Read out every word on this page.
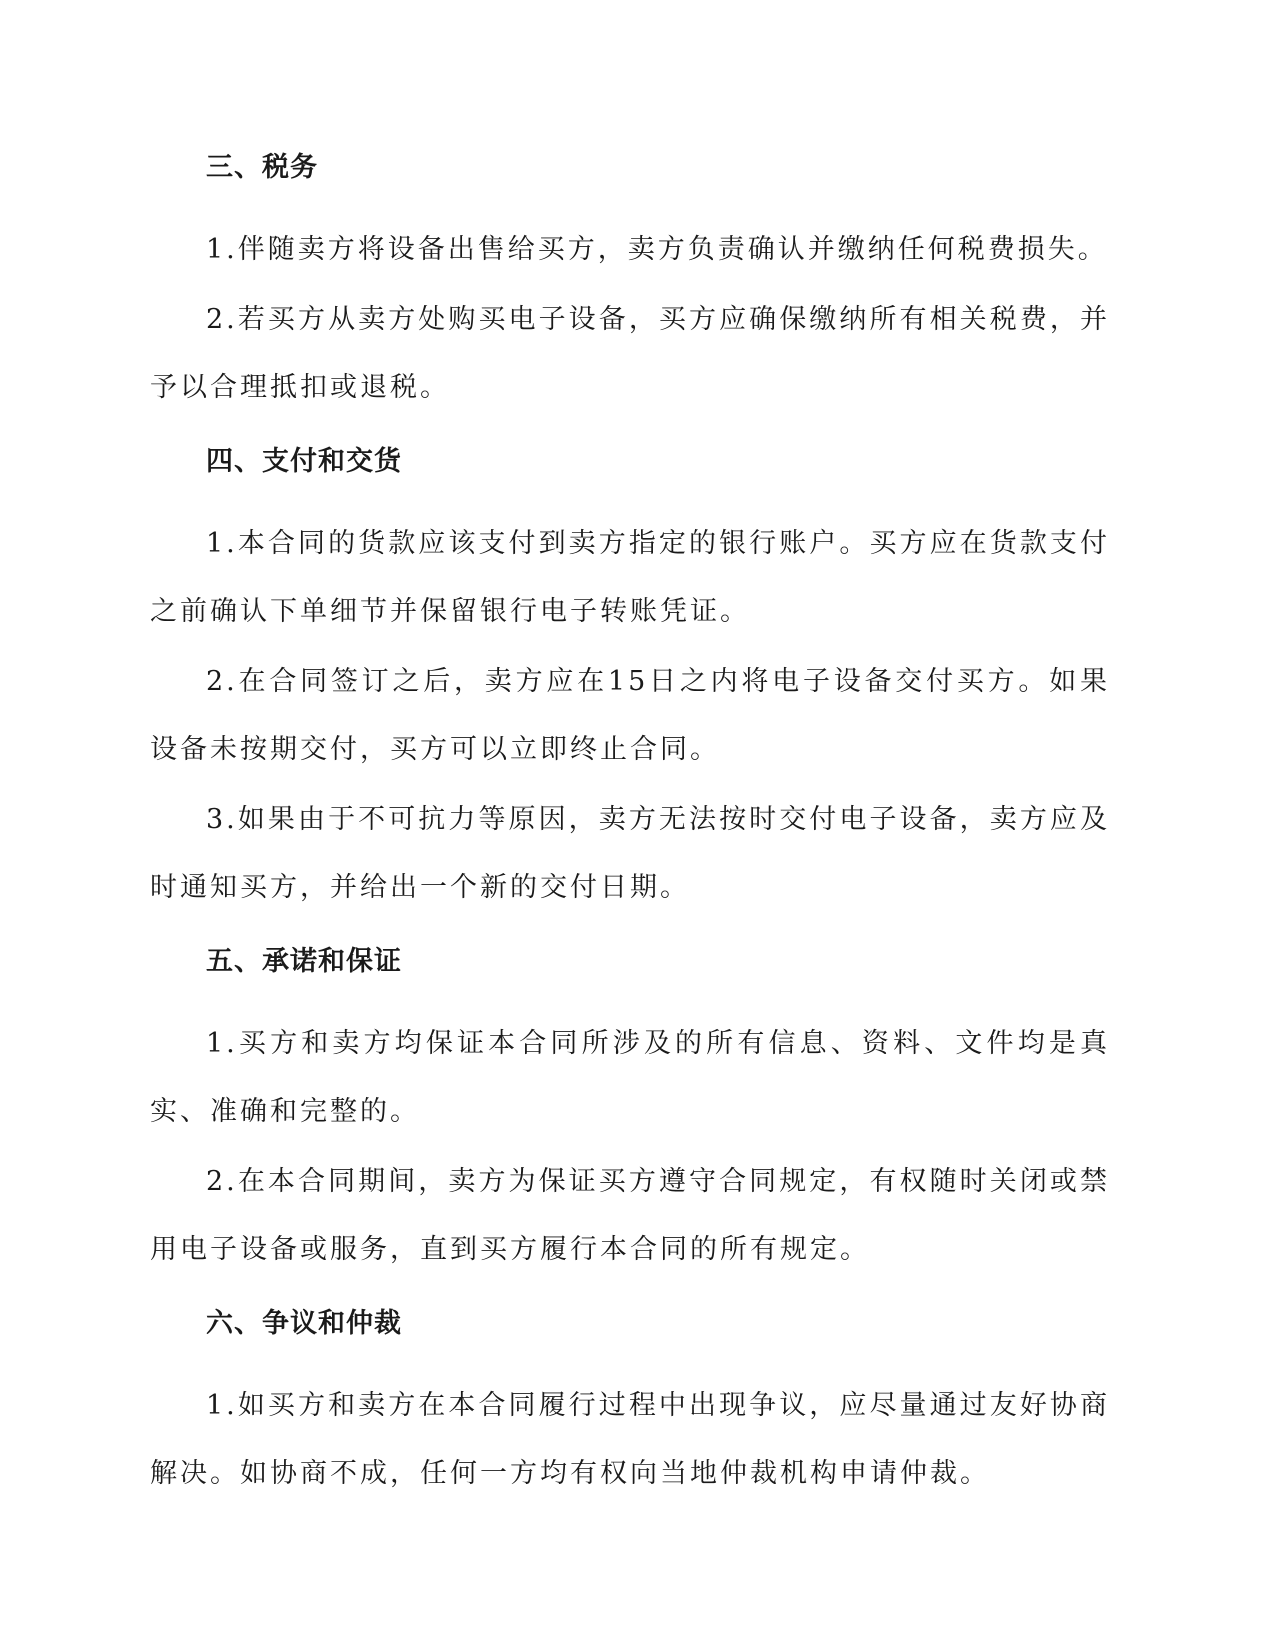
三、税务

1.伴随卖方将设备出售给买方，卖方负责确认并缴纳任何税费损失。

2.若买方从卖方处购买电子设备，买方应确保缴纳所有相关税费，并予以合理抵扣或退税。

四、支付和交货

1.本合同的货款应该支付到卖方指定的银行账户。买方应在货款支付之前确认下单细节并保留银行电子转账凭证。

2.在合同签订之后，卖方应在15日之内将电子设备交付买方。如果设备未按期交付，买方可以立即终止合同。

3.如果由于不可抗力等原因，卖方无法按时交付电子设备，卖方应及时通知买方，并给出一个新的交付日期。

五、承诺和保证

1.买方和卖方均保证本合同所涉及的所有信息、资料、文件均是真实、准确和完整的。

2.在本合同期间，卖方为保证买方遵守合同规定，有权随时关闭或禁用电子设备或服务，直到买方履行本合同的所有规定。

六、争议和仲裁

1.如买方和卖方在本合同履行过程中出现争议，应尽量通过友好协商解决。如协商不成，任何一方均有权向当地仲裁机构申请仲裁。
